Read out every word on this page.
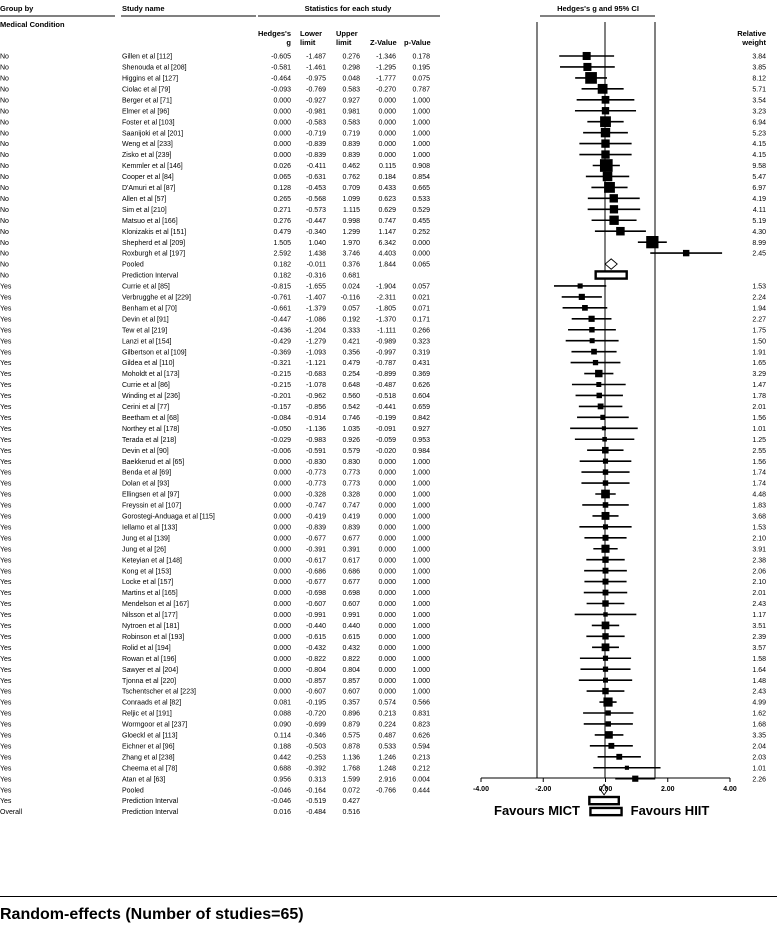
Group by
Medical Condition
Study name	Statistics for each study
Hedges's
g
Lower
limit
Upper
limit Z-Value p-Value
Hedges's g and 95% CI
Relative
weight
No	Gillen et al [112]	-0.605 -1.487 0.276 -1.346 0.178	3.84
No	Shenouda et al [208]	-0.581 -1.461 0.298 -1.295 0.195	3.85
No	Higgins et al [127]	-0.464 -0.975 0.048 -1.777 0.075	8.12
No	Ciolac et al [79]	-0.093 -0.769 0.583 -0.270 0.787	5.71
No	Berger et al [71]	0.000 -0.927 0.927	0.000 1.000	3.54
No	Elmer et al [96]	0.000 -0.981 0.981	0.000 1.000	3.23
No	Foster et al [103]	0.000 -0.583 0.583	0.000 1.000	6.94
No	Saanijoki et al [201]	0.000 -0.719 0.719	0.000 1.000	5.23
No	Weng et al [233]	0.000 -0.839 0.839	0.000 1.000	4.15
No	Zisko et al [239]	0.000 -0.839 0.839	0.000 1.000	4.15
No	Kemmler et al [146]	0.026 -0.411 0.462	0.115 0.908	9.58
No	Cooper et al [84]	0.065 -0.631 0.762	0.184 0.854	5.47
No	D'Amuri et al [87]	0.128 -0.453 0.709	0.433 0.665	6.97
No	Allen et al [57]	0.265 -0.568 1.099	0.623 0.533	4.19
No	Sim et al [210]	0.271 -0.573 1.115	0.629 0.529	4.11
No	Matsuo et al [166]	0.276 -0.447 0.998	0.747 0.455	5.19
No	Klonizakis et al [151]	0.479 -0.340 1.299	1.147 0.252	4.30
No	Shepherd et al [209]	1.505 1.040 1.970	6.342 0.000	8.99
No	Roxburgh et al [197]	2.592 1.438 3.746	4.403 0.000	2.45
No	Pooled	0.182 -0.011 0.376	1.844 0.065
No	Prediction Interval	0.182 -0.316 0.681
Yes	Currie et al [85]	-0.815 -1.655 0.024 -1.904 0.057	1.53
Yes	Verbrugghe et al [229]	-0.761 -1.407 -0.116 -2.311 0.021	2.24
Yes	Benham et al [70]	-0.661 -1.379 0.057 -1.805 0.071	1.94
Yes	Devin et al [91]	-0.447 -1.086 0.192 -1.370 0.171	2.27
Yes	Tew et al [219]	-0.436 -1.204 0.333 -1.111 0.266	1.75
Yes	Lanzi et al [154]	-0.429 -1.279 0.421 -0.989 0.323	1.50
Yes	Gilbertson et al [109]	-0.369 -1.093 0.356 -0.997 0.319	1.91
Yes	Gildea et al [110]	-0.321 -1.121 0.479 -0.787 0.431	1.65
Yes	Moholdt et al [173]	-0.215 -0.683 0.254 -0.899 0.369	3.29
Yes	Currie et al [86]	-0.215 -1.078 0.648 -0.487 0.626	1.47
Yes	Winding et al [236]	-0.201 -0.962 0.560 -0.518 0.604	1.78
Yes	Cerini et al [77]	-0.157 -0.856 0.542 -0.441 0.659	2.01
Yes	Beetham et al [68]	-0.084 -0.914 0.746 -0.199 0.842	1.56
Yes	Northey et al [178]	-0.050 -1.136 1.035 -0.091 0.927	1.01
Yes	Terada et al [218]	-0.029 -0.983 0.926 -0.059 0.953	1.25
Yes	Devin et al [90]	-0.006 -0.591 0.579 -0.020 0.984	2.55
Yes	Baekkerud et al [65]	0.000 -0.830 0.830	0.000 1.000	1.56
Yes	Benda et al [69]	0.000 -0.773 0.773	0.000 1.000	1.74
Yes	Dolan et al [93]	0.000 -0.773 0.773	0.000 1.000	1.74
Yes	Ellingsen et al [97]	0.000 -0.328 0.328	0.000 1.000	4.48
Yes	Freyssin et al [107]	0.000 -0.747 0.747	0.000 1.000	1.83
Yes	Gorostegi-Anduaga et al [115]	0.000 -0.419 0.419	0.000 1.000	3.68
Yes	Iellamo et al [133]	0.000 -0.839 0.839	0.000 1.000	1.53
Yes	Jung et al [139]	0.000 -0.677 0.677	0.000 1.000	2.10
Yes	Jung et al [26]	0.000 -0.391 0.391	0.000 1.000	3.91
Yes	Keteyian et al [148]	0.000 -0.617 0.617	0.000 1.000	2.38
Yes	Kong et al [153]	0.000 -0.686 0.686	0.000 1.000	2.06
Yes	Locke et al [157]	0.000 -0.677 0.677	0.000 1.000	2.10
Yes	Martins et al [165]	0.000 -0.698 0.698	0.000 1.000	2.01
Yes	Mendelson et al [167]	0.000 -0.607 0.607	0.000 1.000	2.43
Yes	Nilsson et al [177]	0.000 -0.991 0.991	0.000 1.000	1.17
Yes	Nytroen et al [181]	0.000 -0.440 0.440	0.000 1.000	3.51
Yes	Robinson et al [193]	0.000 -0.615 0.615	0.000 1.000	2.39
Yes	Rolid et al [194]	0.000 -0.432 0.432	0.000 1.000	3.57
Yes	Rowan et al [196]	0.000 -0.822 0.822	0.000 1.000	1.58
Yes	Sawyer et al [204]	0.000 -0.804 0.804	0.000 1.000	1.64
Yes	Tjonna et al [220]	0.000 -0.857 0.857	0.000 1.000	1.48
Yes	Tschentscher et al [223]	0.000 -0.607 0.607	0.000 1.000	2.43
Yes	Conraads et al [82]	0.081 -0.195 0.357	0.574 0.566	4.99
Yes	Reljic et al [191]	0.088 -0.720 0.896	0.213 0.831	1.62
Yes	Wormgoor et al [237]	0.090 -0.699 0.879	0.224 0.823	1.68
Yes	Gloeckl et al [113]	0.114 -0.346 0.575	0.487 0.626	3.35
Yes	Eichner et al [96]	0.188 -0.503 0.878	0.533 0.594	2.04
Yes	Zhang et al [238]	0.442 -0.253 1.136	1.246 0.213	2.03
Yes	Cheema et al [78]	0.688 -0.392 1.768	1.248 0.212	1.01
Yes	Atan et al [63]	0.956 0.313 1.599	2.916 0.004	2.26
Yes	Pooled	-0.046 -0.164 0.072 -0.766 0.444
Yes	Prediction Interval	-0.046 -0.519 0.427
Overall	Prediction Interval	0.016 -0.484 0.516
-4.00	-2.00	0.00	2.00	4.00
Favours MICT	Favours HIIT
Random-effects (Number of studies=65)
